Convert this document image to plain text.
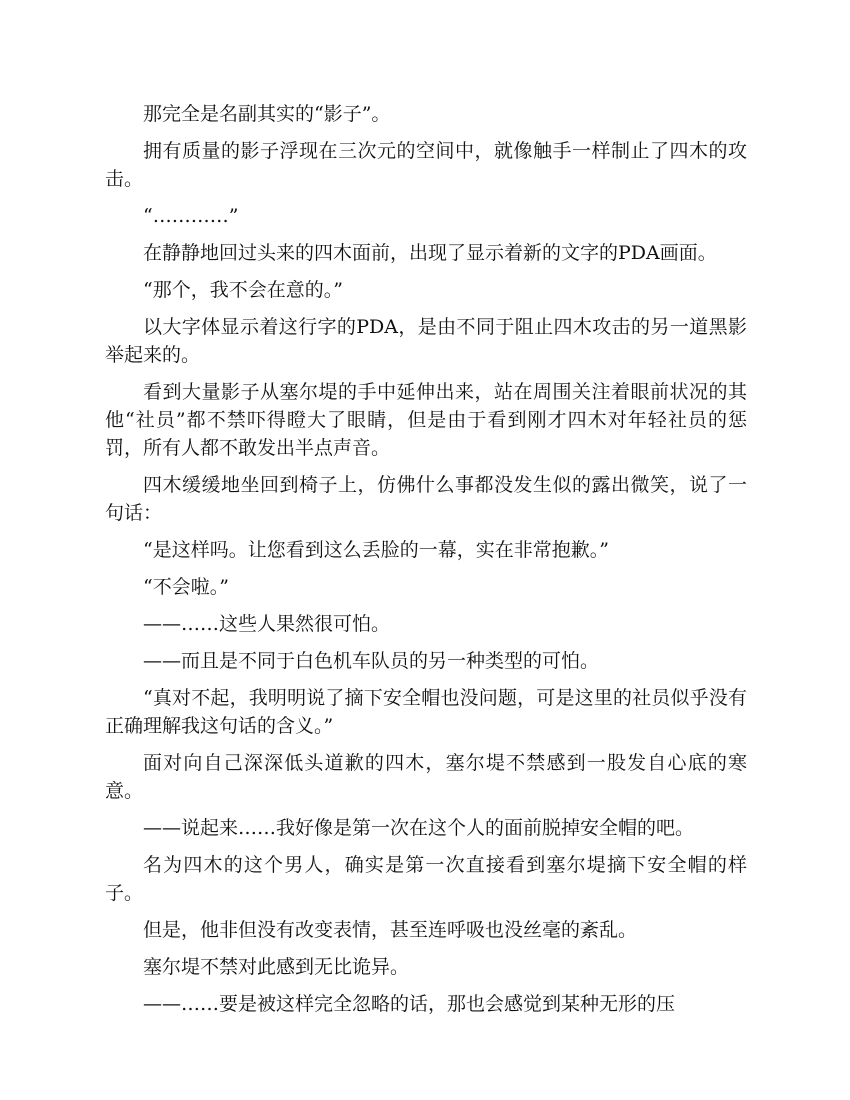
那完全是名副其实的“影子”。

拥有质量的影子浮现在三次元的空间中，就像触手一样制止了四木的攻击。

“…………”

在静静地回过头来的四木面前，出现了显示着新的文字的PDA画面。

“那个，我不会在意的。”

以大字体显示着这行字的PDA，是由不同于阻止四木攻击的另一道黑影举起来的。

看到大量影子从塞尔堤的手中延伸出来，站在周围关注着眼前状况的其他“社员”都不禁吓得瞪大了眼睛，但是由于看到刚才四木对年轻社员的惩罚，所有人都不敢发出半点声音。

四木缓缓地坐回到椅子上，仿佛什么事都没发生似的露出微笑，说了一句话：

“是这样吗。让您看到这么丢脸的一幕，实在非常抱歉。”

“不会啦。”

——……这些人果然很可怕。

——而且是不同于白色机车队员的另一种类型的可怕。

“真对不起，我明明说了摘下安全帽也没问题，可是这里的社员似乎没有正确理解我这句话的含义。”

面对向自己深深低头道歉的四木，塞尔堤不禁感到一股发自心底的寒意。

——说起来……我好像是第一次在这个人的面前脱掉安全帽的吧。

名为四木的这个男人，确实是第一次直接看到塞尔堤摘下安全帽的样子。

但是，他非但没有改变表情，甚至连呼吸也没丝毫的紊乱。

塞尔堤不禁对此感到无比诡异。

——……要是被这样完全忽略的话，那也会感觉到某种无形的压
